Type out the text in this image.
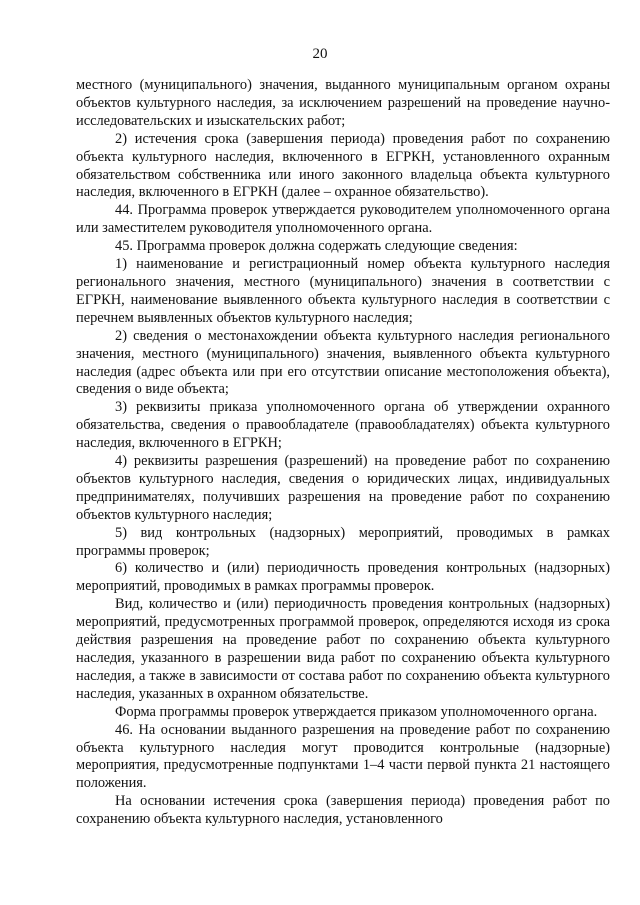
20

местного (муниципального) значения, выданного муниципальным органом охраны объектов культурного наследия, за исключением разрешений на проведение научно-исследовательских и изыскательских работ;

2) истечения срока (завершения периода) проведения работ по сохранению объекта культурного наследия, включенного в ЕГРКН, установленного охранным обязательством собственника или иного законного владельца объекта культурного наследия, включенного в ЕГРКН (далее – охранное обязательство).

44. Программа проверок утверждается руководителем уполномоченного органа или заместителем руководителя уполномоченного органа.

45. Программа проверок должна содержать следующие сведения:

1) наименование и регистрационный номер объекта культурного наследия регионального значения, местного (муниципального) значения в соответствии с ЕГРКН, наименование выявленного объекта культурного наследия в соответствии с перечнем выявленных объектов культурного наследия;

2) сведения о местонахождении объекта культурного наследия регионального значения, местного (муниципального) значения, выявленного объекта культурного наследия (адрес объекта или при его отсутствии описание местоположения объекта), сведения о виде объекта;

3) реквизиты приказа уполномоченного органа об утверждении охранного обязательства, сведения о правообладателе (правообладателях) объекта культурного наследия, включенного в ЕГРКН;

4) реквизиты разрешения (разрешений) на проведение работ по сохранению объектов культурного наследия, сведения о юридических лицах, индивидуальных предпринимателях, получивших разрешения на проведение работ по сохранению объектов культурного наследия;

5) вид контрольных (надзорных) мероприятий, проводимых в рамках программы проверок;

6) количество и (или) периодичность проведения контрольных (надзорных) мероприятий, проводимых в рамках программы проверок.

Вид, количество и (или) периодичность проведения контрольных (надзорных) мероприятий, предусмотренных программой проверок, определяются исходя из срока действия разрешения на проведение работ по сохранению объекта культурного наследия, указанного в разрешении вида работ по сохранению объекта культурного наследия, а также в зависимости от состава работ по сохранению объекта культурного наследия, указанных в охранном обязательстве.

Форма программы проверок утверждается приказом уполномоченного органа.

46. На основании выданного разрешения на проведение работ по сохранению объекта культурного наследия могут проводится контрольные (надзорные) мероприятия, предусмотренные подпунктами 1–4 части первой пункта 21 настоящего положения.

На основании истечения срока (завершения периода) проведения работ по сохранению объекта культурного наследия, установленного
